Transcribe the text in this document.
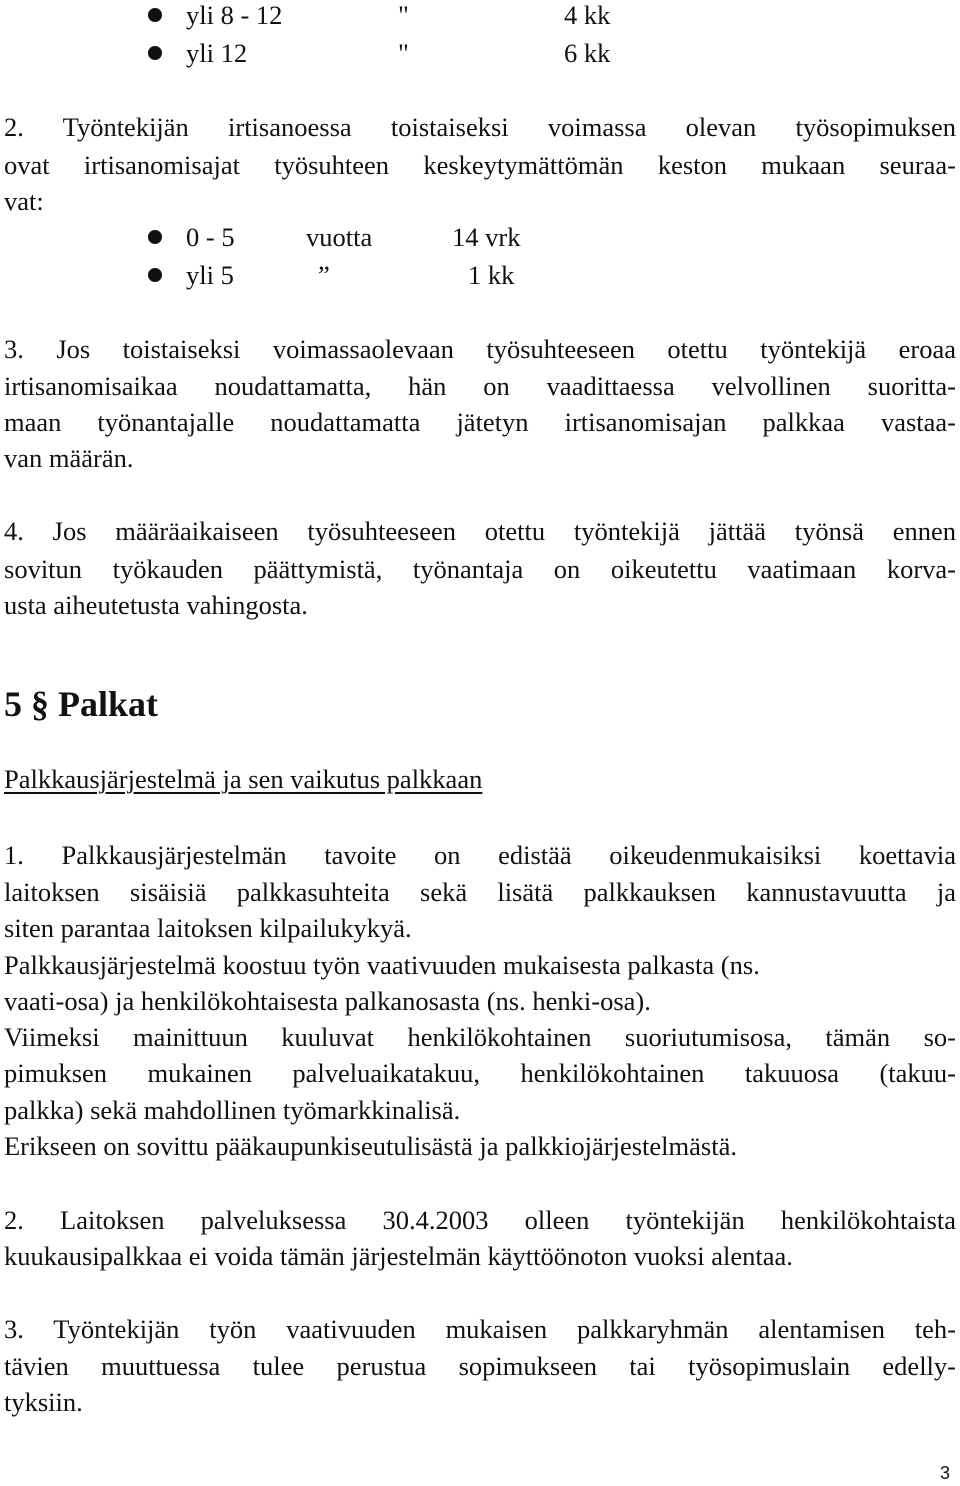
yli 8 - 12	"	4 kk
yli 12	"	6 kk

2. Työntekijän irtisanoessa toistaiseksi voimassa olevan työsopimuksen

ovat irtisanomisajat työsuhteen keskeytymättömän keston mukaan seuraa-

vat:

0 - 5	vuotta	14 vrk
yli 5	”	1 kk

3. Jos toistaiseksi voimassaolevaan työsuhteeseen otettu työntekijä eroaa

irtisanomisaikaa noudattamatta, hän on vaadittaessa velvollinen suoritta-

maan työnantajalle noudattamatta jätetyn irtisanomisajan palkkaa vastaa-

van määrän.

4. Jos määräaikaiseen työsuhteeseen otettu työntekijä jättää työnsä ennen

sovitun työkauden päättymistä, työnantaja on oikeutettu vaatimaan korva-

usta aiheutetusta vahingosta.

5 § Palkat
Palkkausjärjestelmä ja sen vaikutus palkkaan

1. Palkkausjärjestelmän tavoite on edistää oikeudenmukaisiksi koettavia

laitoksen sisäisiä palkkasuhteita sekä lisätä palkkauksen kannustavuutta ja

siten parantaa laitoksen kilpailukykyä.

Palkkausjärjestelmä koostuu työn vaativuuden mukaisesta palkasta (ns.

vaati-osa) ja henkilökohtaisesta palkanosasta (ns. henki-osa).

Viimeksi mainittuun kuuluvat henkilökohtainen suoriutumisosa, tämän so-

pimuksen mukainen palveluaikatakuu, henkilökohtainen takuuosa (takuu-

palkka) sekä mahdollinen työmarkkinalisä.

Erikseen on sovittu pääkaupunkiseutulisästä ja palkkiojärjestelmästä.

2. Laitoksen palveluksessa 30.4.2003 olleen työntekijän henkilökohtaista

kuukausipalkkaa ei voida tämän järjestelmän käyttöönoton vuoksi alentaa.

3. Työntekijän työn vaativuuden mukaisen palkkaryhmän alentamisen teh-

tävien muuttuessa tulee perustua sopimukseen tai työsopimuslain edelly-

tyksiin.

3
